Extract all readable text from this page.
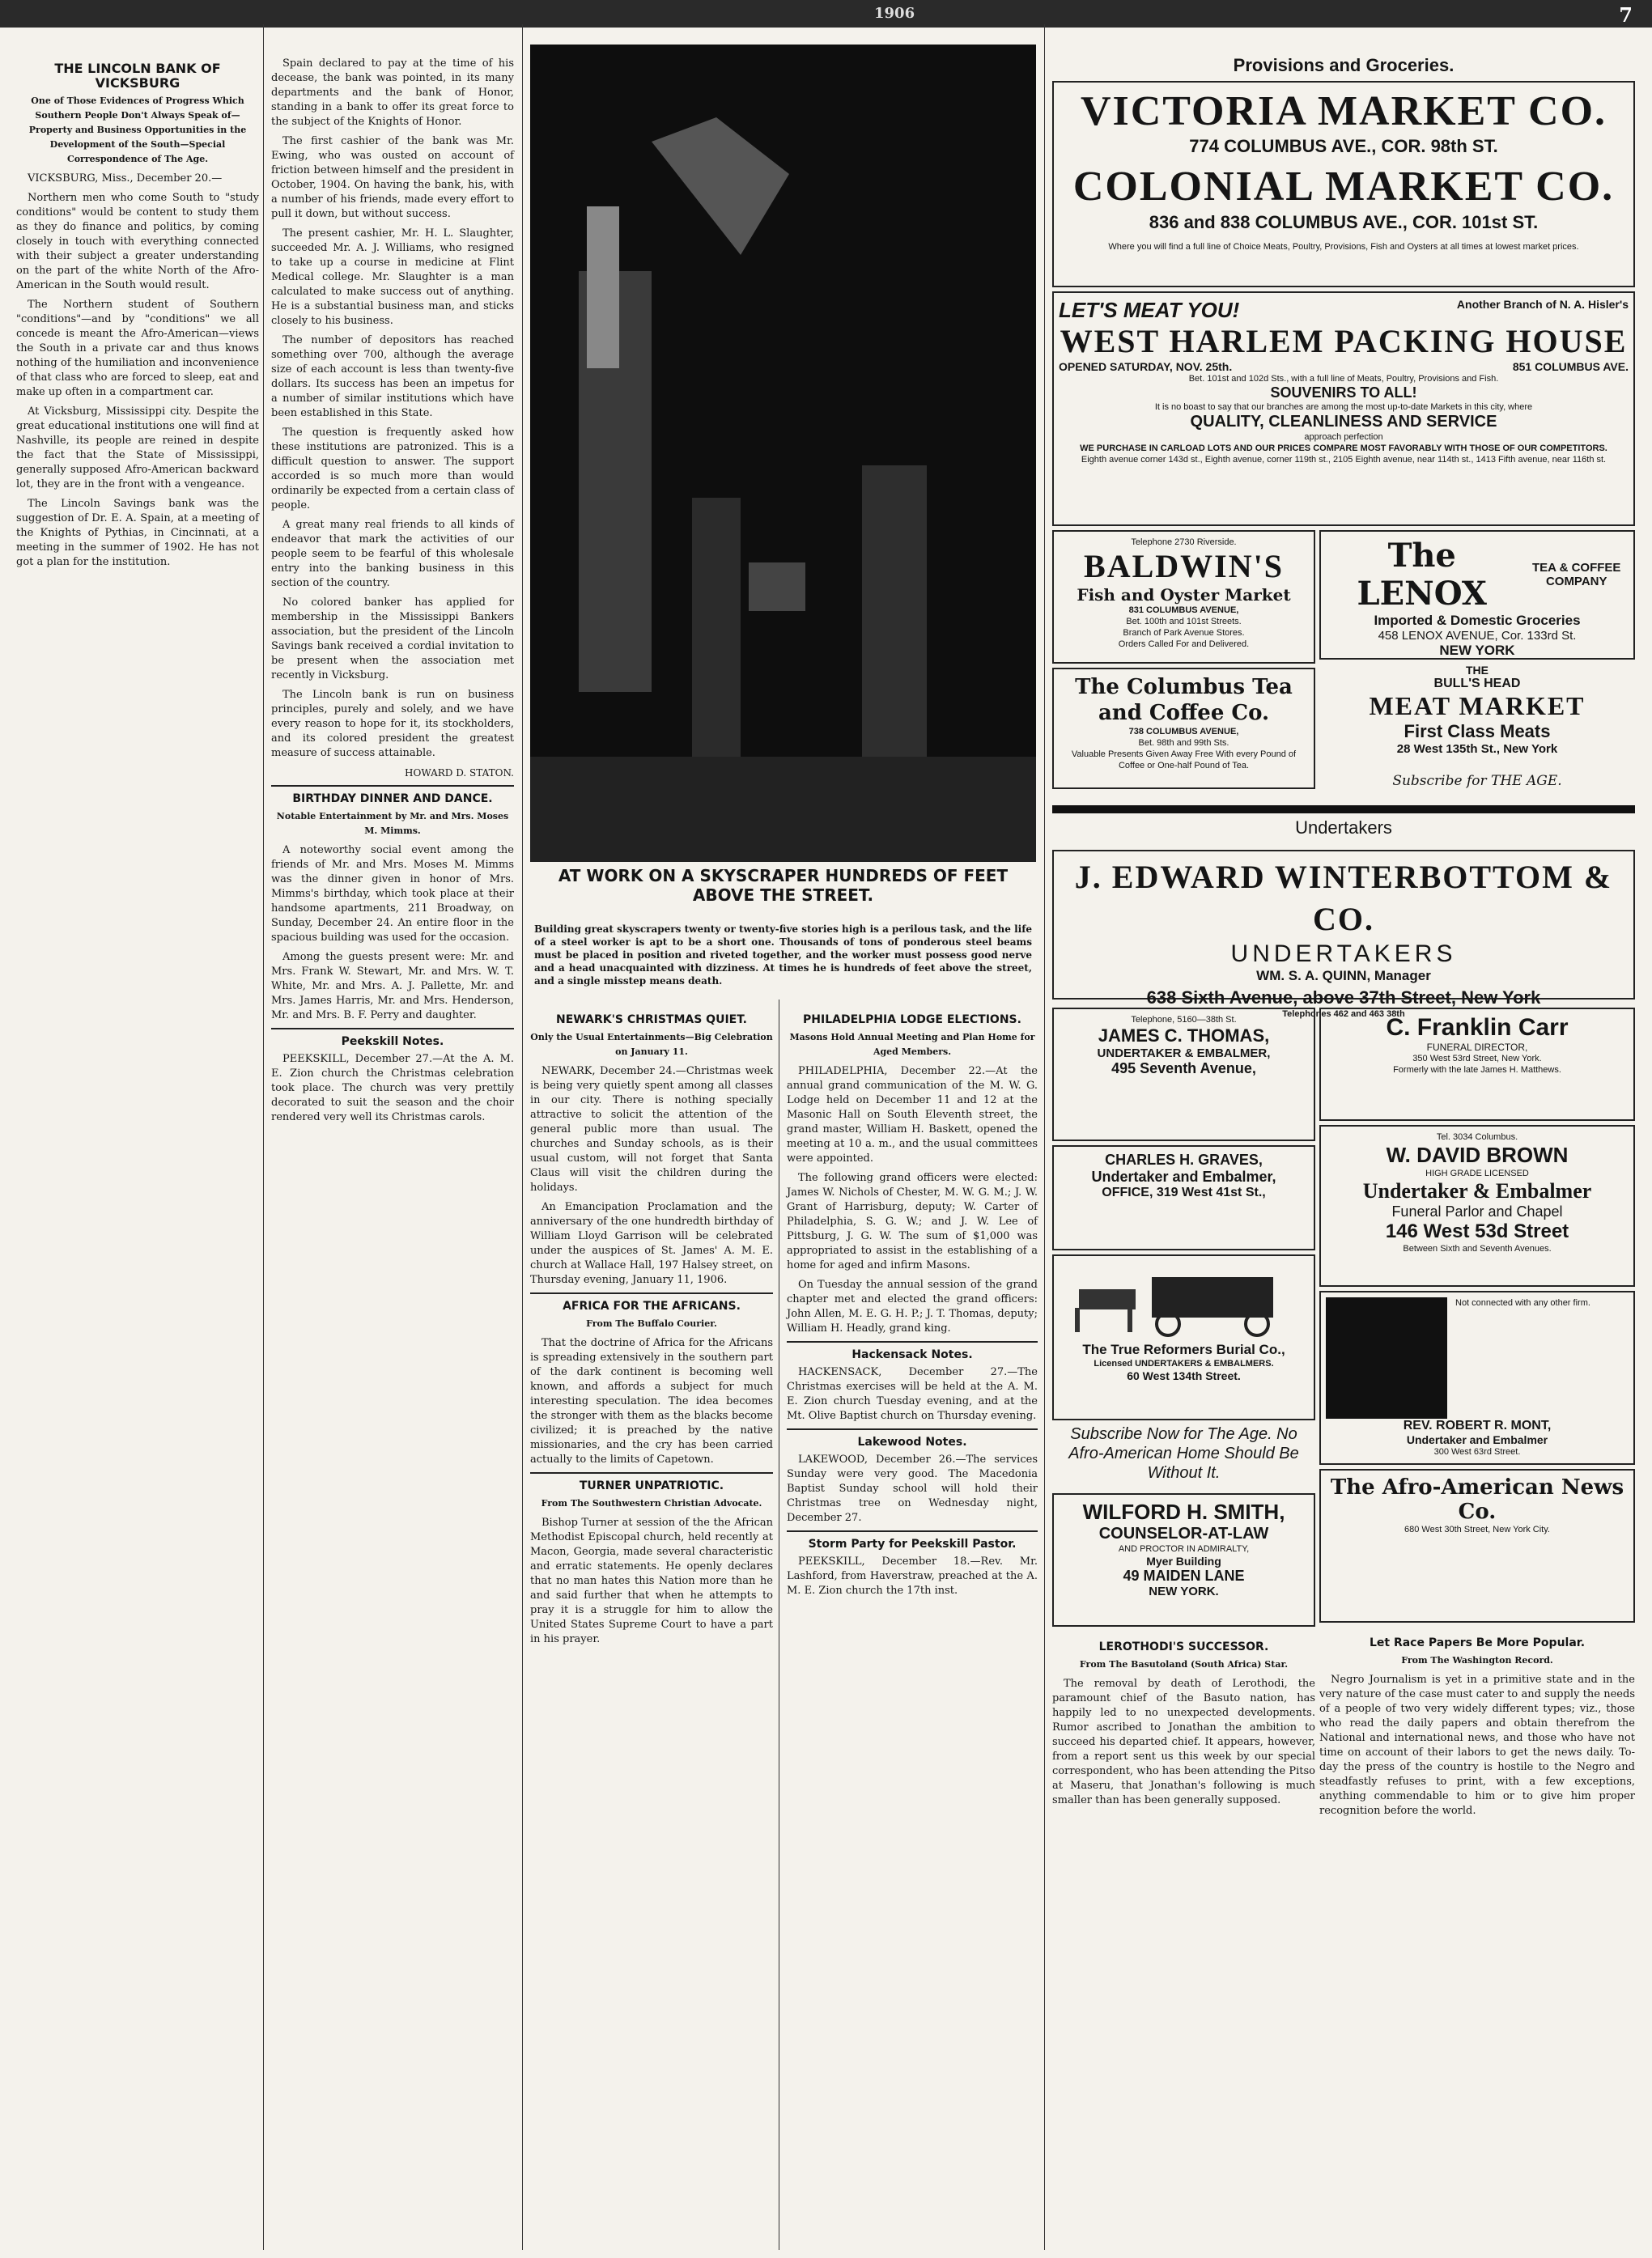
1906	7
THE LINCOLN BANK OF VICKSBURG
One of Those Evidences of Progress Which Southern People Don't Always Speak of—Property and Business Opportunities in the Development of the South—Special Correspondence of The Age.

VICKSBURG, Miss., December 20.—

Northern men who come South to "study conditions" would be content to study them as they do finance and politics, by coming closely in touch with everything connected with their subject a greater understanding on the part of the white North of the Afro-American in the South would result.

The Northern student of Southern "conditions"—and by "conditions" we all concede is meant the Afro-American—views the South in a private car and thus knows nothing of the humiliation and inconvenience of that class who are forced to sleep, eat and make up often in a compartment car.

At Vicksburg, Mississippi city. Despite the great educational institutions one will find at Nashville, its people are reined in despite the fact that the State of Mississippi, generally supposed Afro-American backward lot, they are in the front with a vengeance.

The Lincoln Savings bank was the suggestion of Dr. E. A. Spain, at a meeting of the Knights of Pythias, in Cincinnati, at a meeting in the summer of 1902. He has not got a plan for the institution.

Spain declared to pay at the time of his decease, the bank was pointed, in its many departments and the bank of Honor, standing in a bank to offer its great force to the subject of the Knights of Honor.

The first cashier of the bank was Mr. Ewing, who was ousted on account of friction between himself and the president in October, 1904. On having the bank, his, with a number of his friends, made every effort to pull it down, but without success.

The present cashier, Mr. H. L. Slaughter, succeeded Mr. A. J. Williams, who resigned to take up a course in medicine at Flint Medical college. Mr. Slaughter is a man calculated to make success out of anything. He is a substantial business man, and sticks closely to his business.

The number of depositors has reached something over 700, although the average size of each account is less than twenty-five dollars. Its success has been an impetus for a number of similar institutions which have been established in this State.

The question is frequently asked how these institutions are patronized. This is a difficult question to answer. The support accorded is so much more than would ordinarily be expected from a certain class of people.

A great many real friends to all kinds of endeavor that mark the activities of our people seem to be fearful of this wholesale entry into the banking business in this section of the country.

No colored banker has applied for membership in the Mississippi Bankers association, but the president of the Lincoln Savings bank received a cordial invitation to be present when the association met recently in Vicksburg.

The Lincoln bank is run on business principles, purely and solely, and we have every reason to hope for it, its stockholders, and its colored president the greatest measure of success attainable.

HOWARD D. STATON.
BIRTHDAY DINNER AND DANCE.
Notable Entertainment by Mr. and Mrs. Moses M. Mimms.

A noteworthy social event among the friends of Mr. and Mrs. Moses M. Mimms was the dinner given in honor of Mrs. Mimms's birthday, which took place at their handsome apartments, 211 Broadway, on Sunday, December 24. An entire floor in the spacious building was used for the occasion.

Among the guests present were: Mr. and Mrs. Frank W. Stewart, Mr. and Mrs. W. T. White, Mr. and Mrs. A. J. Pallette, Mr. and Mrs. James Harris, Mr. and Mrs. Henderson, Mr. and Mrs. B. F. Perry and daughter.

Peekskill Notes.

PEEKSKILL, December 27.—At the A. M. E. Zion church the Christmas celebration took place. The church was very prettily decorated to suit the season and the choir rendered very well its Christmas carols.

AT WORK ON A SKYSCRAPER HUNDREDS OF FEET ABOVE THE STREET.
Building great skyscrapers twenty or twenty-five stories high is a perilous task, and the life of a steel worker is apt to be a short one. Thousands of tons of ponderous steel beams must be placed in position and riveted together, and the worker must possess good nerve and a head unacquainted with dizziness. At times he is hundreds of feet above the street, and a single misstep means death.
NEWARK'S CHRISTMAS QUIET.
Only the Usual Entertainments—Big Celebration on January 11.

NEWARK, December 24.—Christmas week is being very quietly spent among all classes in our city. There is nothing specially attractive to solicit the attention of the general public more than usual. The churches and Sunday schools, as is their usual custom, will not forget that Santa Claus will visit the children during the holidays.

An Emancipation Proclamation and the anniversary of the one hundredth birthday of William Lloyd Garrison will be celebrated under the auspices of St. James' A. M. E. church at Wallace Hall, 197 Halsey street, on Thursday evening, January 11, 1906.

AFRICA FOR THE AFRICANS.
From The Buffalo Courier.

That the doctrine of Africa for the Africans is spreading extensively in the southern part of the dark continent is becoming well known, and affords a subject for much interesting speculation. The idea becomes the stronger with them as the blacks become civilized; it is preached by the native missionaries, and the cry has been carried actually to the limits of Capetown.

TURNER UNPATRIOTIC.
From The Southwestern Christian Advocate.

Bishop Turner at session of the the African Methodist Episcopal church, held recently at Macon, Georgia, made several characteristic and erratic statements. He openly declares that no man hates this Nation more than he and said further that when he attempts to pray it is a struggle for him to allow the United States Supreme Court to have a part in his prayer.

PHILADELPHIA LODGE ELECTIONS.
Masons Hold Annual Meeting and Plan Home for Aged Members.

PHILADELPHIA, December 22.—At the annual grand communication of the M. W. G. Lodge held on December 11 and 12 at the Masonic Hall on South Eleventh street, the grand master, William H. Baskett, opened the meeting at 10 a. m., and the usual committees were appointed.

The following grand officers were elected: James W. Nichols of Chester, M. W. G. M.; J. W. Grant of Harrisburg, deputy; W. Carter of Philadelphia, S. G. W.; and J. W. Lee of Pittsburg, J. G. W. The sum of $1,000 was appropriated to assist in the establishing of a home for aged and infirm Masons.

On Tuesday the annual session of the grand chapter met and elected the grand officers: John Allen, M. E. G. H. P.; J. T. Thomas, deputy; William H. Headly, grand king.

Hackensack Notes.

HACKENSACK, December 27.—The Christmas exercises will be held at the A. M. E. Zion church Tuesday evening, and at the Mt. Olive Baptist church on Thursday evening.

Lakewood Notes.

LAKEWOOD, December 26.—The services Sunday were very good. The Macedonia Baptist Sunday school will hold their Christmas tree on Wednesday night, December 27.

Storm Party for Peekskill Pastor.

PEEKSKILL, December 18.—Rev. Mr. Lashford, from Haverstraw, preached at the A. M. E. Zion church the 17th inst.

Provisions and Groceries.
VICTORIA MARKET CO.
774 COLUMBUS AVE., COR. 98th ST.
COLONIAL MARKET CO.
836 and 838 COLUMBUS AVE., COR. 101st ST.
Where you will find a full line of Choice Meats, Poultry, Provisions, Fish and Oysters at all times at lowest market prices.
LET'S MEAT YOU!	Another Branch of N. A. Hisler's
WEST HARLEM PACKING HOUSE
OPENED SATURDAY, NOV. 25th.	851 COLUMBUS AVE.
Bet. 101st and 102d Sts., with a full line of Meats, Poultry, Provisions and Fish.
SOUVENIRS TO ALL!
It is no boast to say that our branches are among the most up-to-date Markets in this city, where
QUALITY, CLEANLINESS AND SERVICE
approach perfection
WE PURCHASE IN CARLOAD LOTS AND OUR PRICES COMPARE MOST FAVORABLY WITH THOSE OF OUR COMPETITORS.
Eighth avenue corner 143d st., Eighth avenue, corner 119th st., 2105 Eighth avenue, near 114th st., 1413 Fifth avenue, near 116th st.
Telephone 2730 Riverside.
BALDWIN'S
Fish and Oyster Market
831 COLUMBUS AVENUE,
Bet. 100th and 101st Streets.
Branch of Park Avenue Stores.
Orders Called For and Delivered.
The LENOX
TEA & COFFEE COMPANY
Imported & Domestic Groceries
458 LENOX AVENUE, Cor. 133rd St.
NEW YORK
The Columbus Tea and Coffee Co.
738 COLUMBUS AVENUE,
Bet. 98th and 99th Sts.
Valuable Presents Given Away Free With every Pound of Coffee or One-half Pound of Tea.
THE
BULL'S HEAD
MEAT MARKET
First Class Meats
28 West 135th St., New York
Subscribe for THE AGE.
Undertakers
J. EDWARD WINTERBOTTOM & CO.
UNDERTAKERS
WM. S. A. QUINN, Manager
638 Sixth Avenue, above 37th Street, New York
Telephones 462 and 463 38th
Telephone, 5160—38th St.
JAMES C. THOMAS,
UNDERTAKER & EMBALMER,
495 Seventh Avenue,
C. Franklin Carr
FUNERAL DIRECTOR,
350 West 53rd Street, New York.
Formerly with the late James H. Matthews.
CHARLES H. GRAVES,
Undertaker and Embalmer,
OFFICE, 319 West 41st St.,
Tel. 3034 Columbus.
W. DAVID BROWN
HIGH GRADE LICENSED
Undertaker & Embalmer
Funeral Parlor and Chapel
146 West 53d Street
Between Sixth and Seventh Avenues.
The True Reformers Burial Co.,
Licensed UNDERTAKERS & EMBALMERS.
60 West 134th Street.
Not connected with any other firm.
REV. ROBERT R. MONT,
Undertaker and Embalmer
300 West 63rd Street.
Subscribe Now for The Age. No Afro-American Home Should Be Without It.
WILFORD H. SMITH,
COUNSELOR-AT-LAW
AND PROCTOR IN ADMIRALTY,
Myer Building
49 MAIDEN LANE
NEW YORK.
The Afro-American News Co.
680 West 30th Street, New York City.
LEROTHODI'S SUCCESSOR.
From The Basutoland (South Africa) Star.

The removal by death of Lerothodi, the paramount chief of the Basuto nation, has happily led to no unexpected developments. Rumor ascribed to Jonathan the ambition to succeed his departed chief. It appears, however, from a report sent us this week by our special correspondent, who has been attending the Pitso at Maseru, that Jonathan's following is much smaller than has been generally supposed.

Let Race Papers Be More Popular.
From The Washington Record.

Negro Journalism is yet in a primitive state and in the very nature of the case must cater to and supply the needs of a people of two very widely different types; viz., those who read the daily papers and obtain therefrom the National and international news, and those who have not time on account of their labors to get the news daily. To-day the press of the country is hostile to the Negro and steadfastly refuses to print, with a few exceptions, anything commendable to him or to give him proper recognition before the world.
